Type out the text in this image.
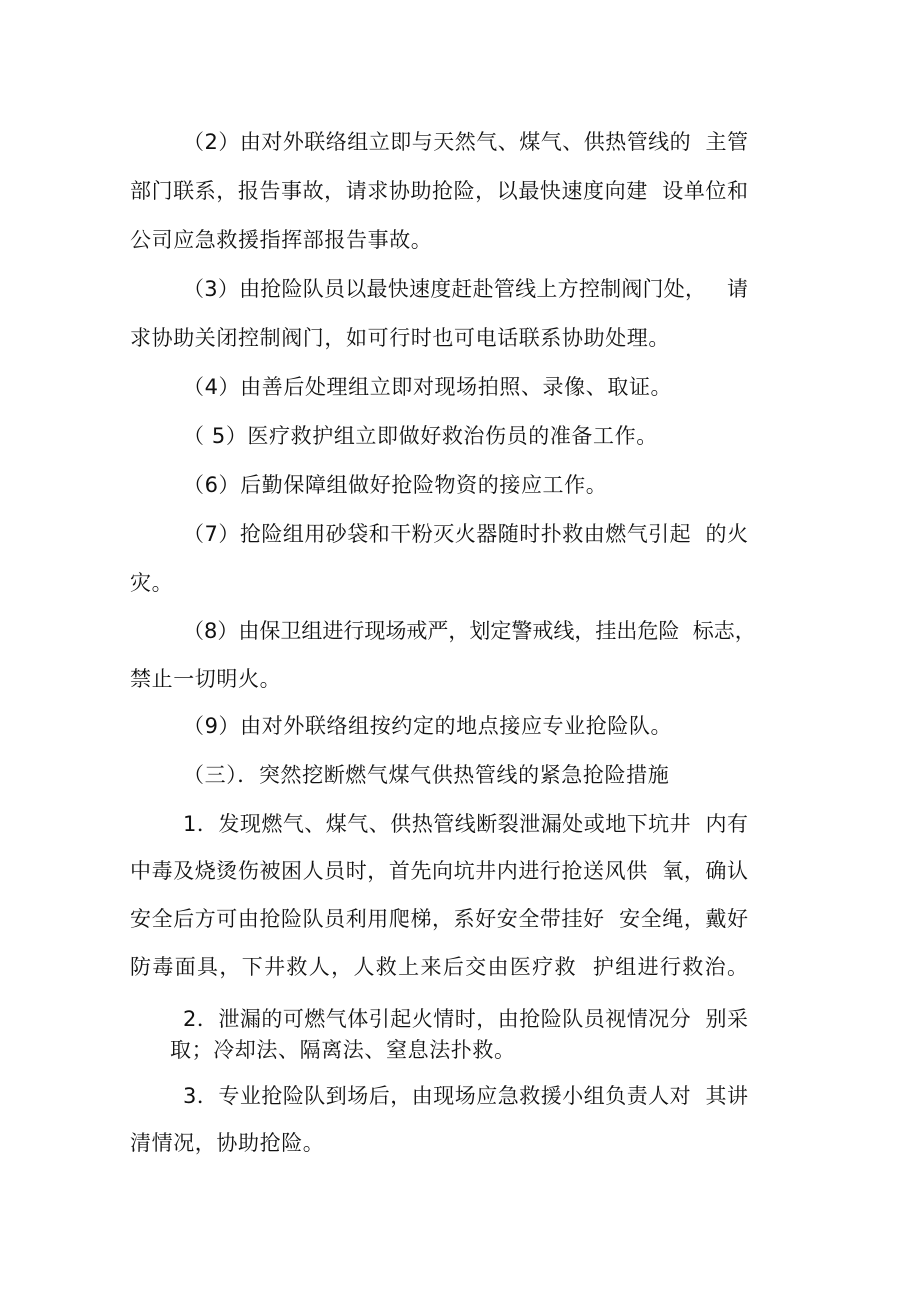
（2）由对外联络组立即与天然气、煤气、供热管线的  主管
部门联系，报告事故，请求协助抢险，以最快速度向建  设单位和
公司应急救援指挥部报告事故。
（3）由抢险队员以最快速度赶赴管线上方控制阀门处，   请
求协助关闭控制阀门，如可行时也可电话联系协助处理。
（4）由善后处理组立即对现场拍照、录像、取证。
（ 5）医疗救护组立即做好救治伤员的准备工作。
（6）后勤保障组做好抢险物资的接应工作。
（7）抢险组用砂袋和干粉灭火器随时扑救由燃气引起  的火
灾。
（8）由保卫组进行现场戒严，划定警戒线，挂出危险  标志，
禁止一切明火。
（9）由对外联络组按约定的地点接应专业抢险队。
（三）．突然挖断燃气煤气供热管线的紧急抢险措施
1．发现燃气、煤气、供热管线断裂泄漏处或地下坑井  内有
中毒及烧烫伤被困人员时，首先向坑井内进行抢送风供  氧，确认
安全后方可由抢险队员利用爬梯，系好安全带挂好  安全绳，戴好
防毒面具，下井救人，人救上来后交由医疗救  护组进行救治。
2．泄漏的可燃气体引起火情时，由抢险队员视情况分  别采
取；冷却法、隔离法、窒息法扑救。
3．专业抢险队到场后，由现场应急救援小组负责人对  其讲
清情况，协助抢险。
